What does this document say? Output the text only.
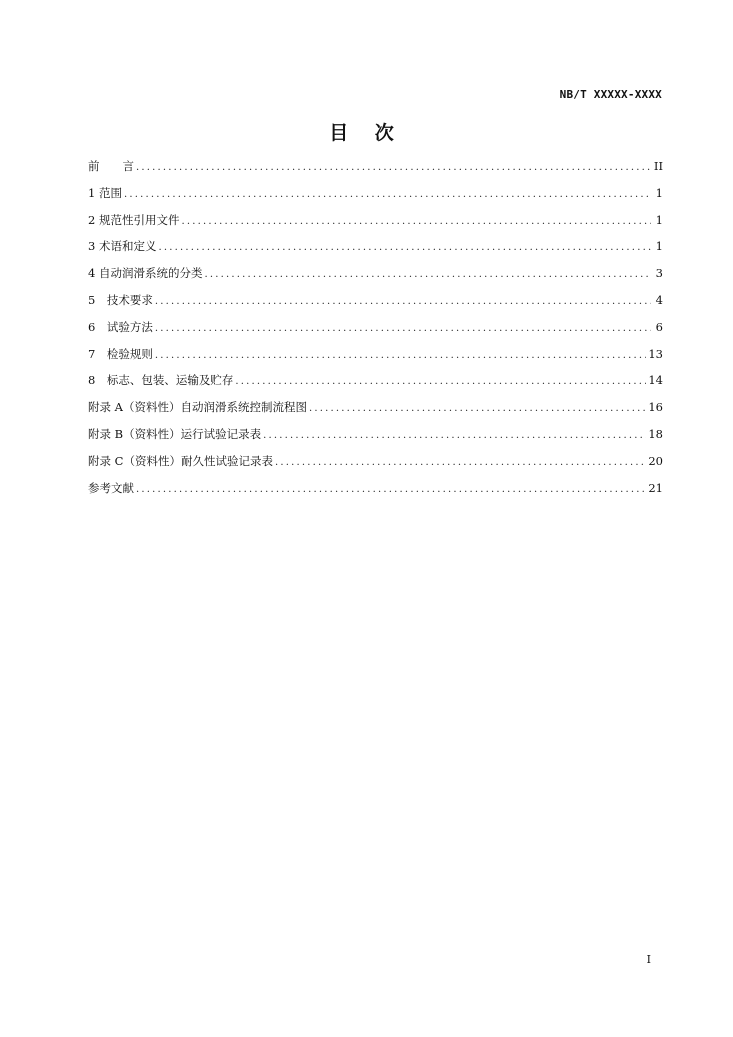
NB/T XXXXX-XXXX
目 次
前　　言 .....	II
1 范围 .....	1
2 规范性引用文件 .....	1
3 术语和定义 .....	1
4 自动润滑系统的分类 .....	3
5　技术要求 .....	4
6　试验方法 .....	6
7　检验规则 .....	13
8　标志、包装、运输及贮存 .....	14
附录 A（资料性）自动润滑系统控制流程图 .....	16
附录 B（资料性）运行试验记录表 .....	18
附录 C（资料性）耐久性试验记录表 .....	20
参考文献 .....	21
I
